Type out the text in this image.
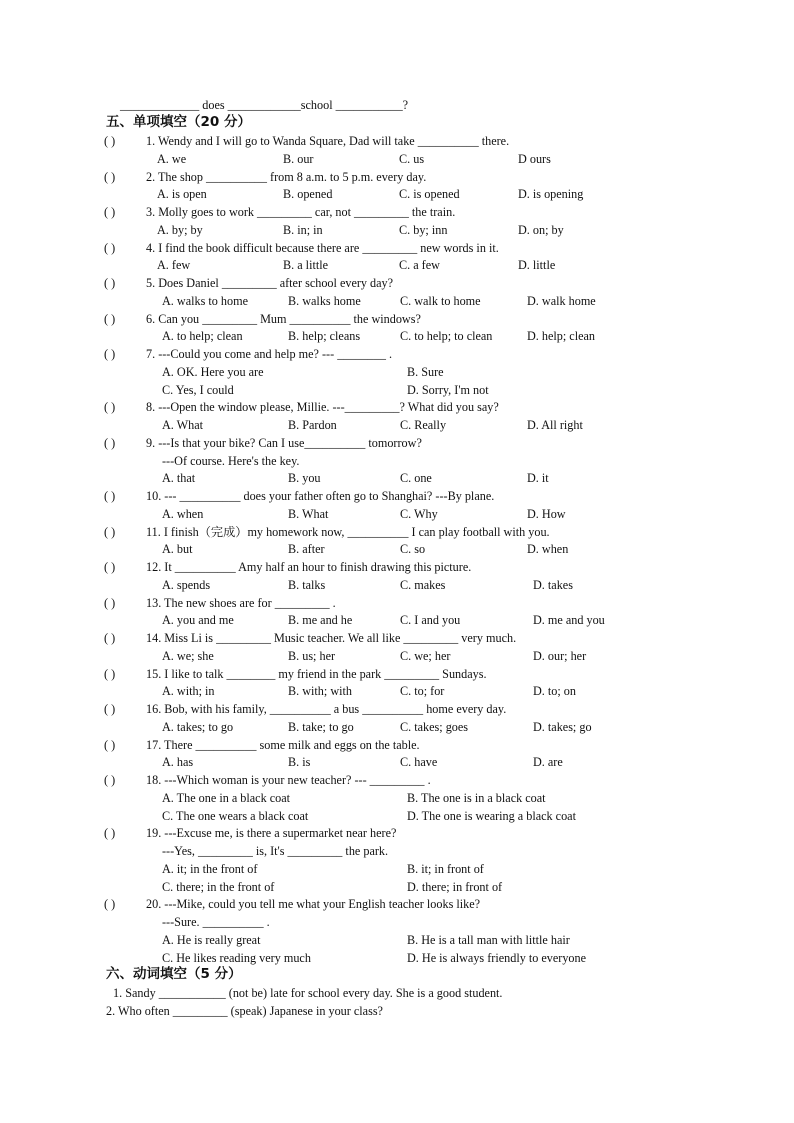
_____________ does ____________school ___________?
五、单项填空（20 分）
( )	1. Wendy and I will go to Wanda Square, Dad will take __________ there.
A. we	B. our	C. us	D ours
( )	2. The shop __________ from 8 a.m. to 5 p.m. every day.
A. is open	B. opened	C. is opened	D. is opening
( )	3. Molly goes to work _________ car, not _________ the train.
A. by; by	B. in; in	C. by; inn	D. on; by
( )	4. I find the book difficult because there are _________ new words in it.
A. few	B. a little	C. a few	D. little
( )	5. Does Daniel _________ after school every day?
A. walks to home	B. walks home	C. walk to home	D. walk home
( )	6. Can you _________ Mum __________ the windows?
A. to help; clean	B. help; cleans	C. to help; to clean	D. help; clean
( )	7. ---Could you come and help me? --- ________ .
A. OK. Here you are	B. Sure
C. Yes, I could	D. Sorry, I'm not
( )	8. ---Open the window please, Millie. ---_________? What did you say?
A. What	B. Pardon	C. Really	D. All right
( )	9. ---Is that your bike? Can I use__________ tomorrow?
---Of course. Here's the key.
A. that	B. you	C. one	D. it
( )	10. --- __________ does your father often go to Shanghai? ---By plane.
A. when	B. What	C. Why	D. How
( )	11. I finish（完成）my homework now, __________ I can play football with you.
A. but	B. after	C. so	D. when
( )	12. It __________ Amy half an hour to finish drawing this picture.
A. spends	B. talks	C. makes	D. takes
( )	13. The new shoes are for _________ .
A. you and me	B. me and he	C. I and you	D. me and you
( )	14. Miss Li is _________ Music teacher. We all like _________ very much.
A. we; she	B. us; her	C. we; her	D. our; her
( )	15. I like to talk ________ my friend in the park _________ Sundays.
A. with; in	B. with; with	C. to; for	D. to; on
( )	16. Bob, with his family, __________ a bus __________ home every day.
A. takes; to go	B. take; to go	C. takes; goes	D. takes; go
( )	17. There __________ some milk and eggs on the table.
A. has	B. is	C. have	D. are
( )	18. ---Which woman is your new teacher? --- _________ .
A. The one in a black coat	B. The one is in a black coat
C. The one wears a black coat	D. The one is wearing a black coat
( )	19. ---Excuse me, is there a supermarket near here?
---Yes, _________ is, It's _________ the park.
A. it; in the front of	B. it; in front of
C. there; in the front of	D. there; in front of
( )	20. ---Mike, could you tell me what your English teacher looks like?
---Sure. __________ .
A. He is really great	B. He is a tall man with little hair
C. He likes reading very much	D. He is always friendly to everyone
六、动词填空（5 分）
1. Sandy ___________ (not be) late for school every day. She is a good student.
2. Who often _________ (speak) Japanese in your class?
